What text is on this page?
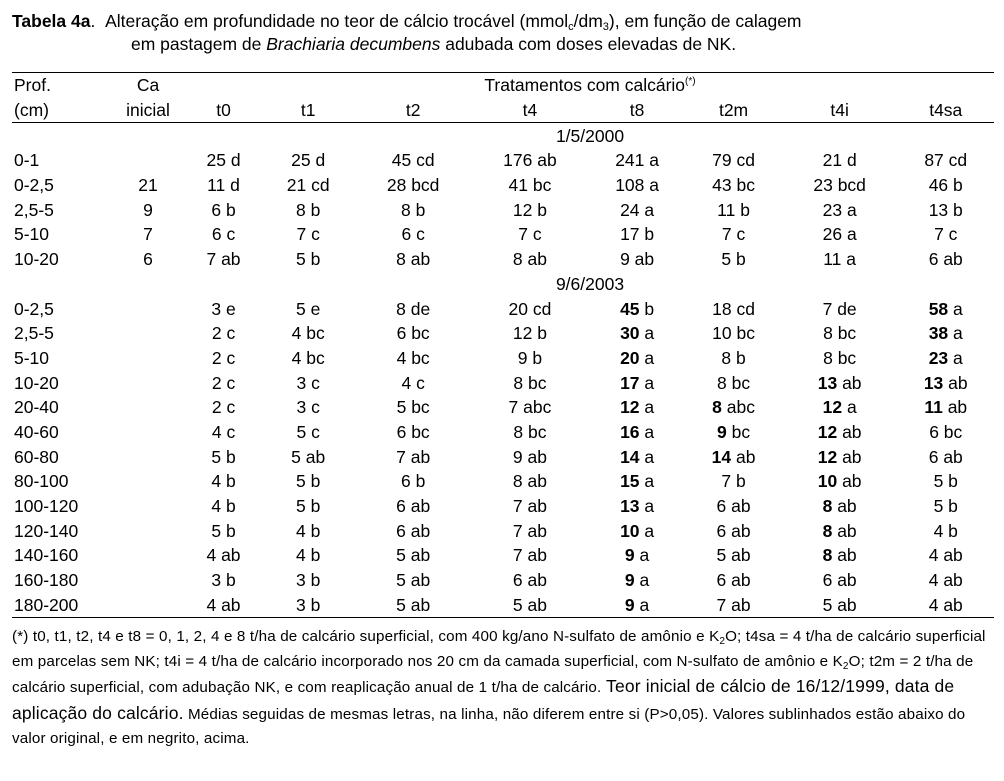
Tabela 4a. Alteração em profundidade no teor de cálcio trocável $(mmol_c/dm_3)$, em função de calagem
em pastagem de Brachiaria decumbens adubada com doses elevadas de NK.
Prof.	Ca	Tratamentos com calcário(*)
(cm)	inicial	t0	t1	t2	t4	t8	t2m	t4i	t4sa
		1/5/2000							
0-1		25 d	25 d	45 cd	176 ab	241 a	79 cd	21 d	87 cd
0-2,5	21	11 d	21 cd	28 bcd	41 bc	108 a	43 bc	23 bcd	46 b
2,5-5	9	6 b	8 b	8 b	12 b	24 a	11 b	23 a	13 b
5-10	7	6 c	7 c	6 c	7 c	17 b	7 c	26 a	7 c
10-20	6	7 ab	5 b	8 ab	8 ab	9 ab	5 b	11 a	6 ab
		9/6/2003							
0-2,5		3 e	5 e	8 de	20 cd	45 b	18 cd	7 de	58 a
2,5-5		2 c	4 bc	6 bc	12 b	30 a	10 bc	8 bc	38 a
5-10		2 c	4 bc	4 bc	9 b	20 a	8 b	8 bc	23 a
10-20		2 c	3 c	4 c	8 bc	17 a	8 bc	13 ab	13 ab
20-40		2 c	3 c	5 bc	7 abc	12 a	8 abc	12 a	11 ab
40-60		4 c	5 c	6 bc	8 bc	16 a	9 bc	12 ab	6 bc
60-80		5 b	5 ab	7 ab	9 ab	14 a	14 ab	12 ab	6 ab
80-100		4 b	5 b	6 b	8 ab	15 a	7 b	10 ab	5 b
100-120		4 b	5 b	6 ab	7 ab	13 a	6 ab	8 ab	5 b
120-140		5 b	4 b	6 ab	7 ab	10 a	6 ab	8 ab	4 b
140-160		4 ab	4 b	5 ab	7 ab	9 a	5 ab	8 ab	4 ab
160-180		3 b	3 b	5 ab	6 ab	9 a	6 ab	6 ab	4 ab
180-200		4 ab	3 b	5 ab	5 ab	9 a	7 ab	5 ab	4 ab
(*) t0, t1, t2, t4 e t8 = 0, 1, 2, 4 e 8 t/ha de calcário superficial, com 400 kg/ano N-sulfato de amônio e $K_2O$; t4sa = 4 t/ha de calcário superficial em parcelas sem NK; t4i = 4 t/ha de calcário incorporado nos 20 cm da camada superficial, com N-sulfato de amônio e $K_2O$; t2m = 2 t/ha de calcário superficial, com adubação NK, e com reaplicação anual de 1 t/ha de calcário. Teor inicial de cálcio de 16/12/1999, data de aplicação do calcário. Médias seguidas de mesmas letras, na linha, não diferem entre si (P>0,05). Valores sublinhados estão abaixo do valor original, e em negrito, acima.
